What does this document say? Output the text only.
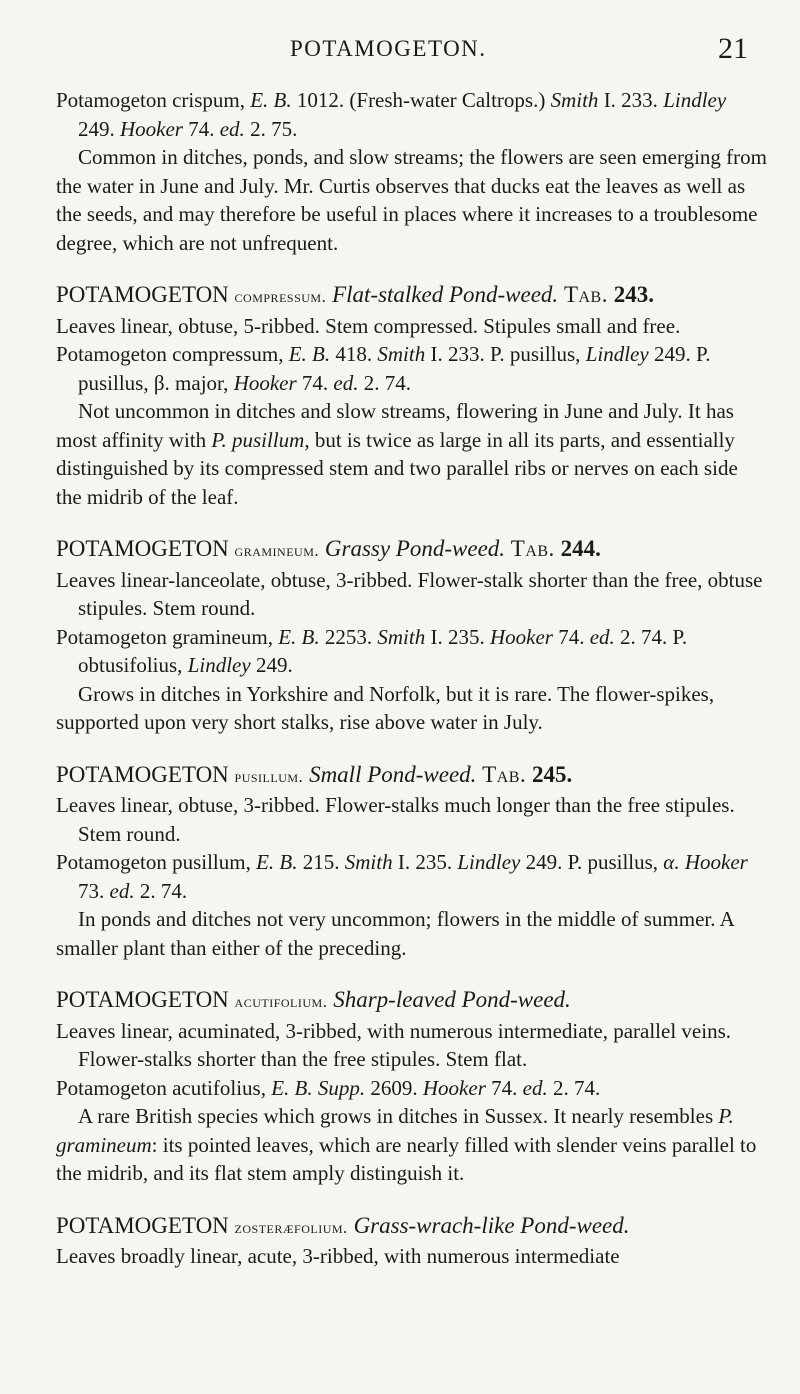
POTAMOGETON.	21

Potamogeton crispum, E. B. 1012. (Fresh-water Caltrops.) Smith I. 233. Lindley 249. Hooker 74. ed. 2. 75.

Common in ditches, ponds, and slow streams; the flowers are seen emerging from the water in June and July. Mr. Curtis observes that ducks eat the leaves as well as the seeds, and may therefore be useful in places where it increases to a troublesome degree, which are not unfrequent.

POTAMOGETON compressum. Flat-stalked Pond-weed. Tab. 243.

Leaves linear, obtuse, 5-ribbed. Stem compressed. Stipules small and free.

Potamogeton compressum, E. B. 418. Smith I. 233. P. pusillus, Lindley 249. P. pusillus, β. major, Hooker 74. ed. 2. 74.

Not uncommon in ditches and slow streams, flowering in June and July. It has most affinity with P. pusillum, but is twice as large in all its parts, and essentially distinguished by its compressed stem and two parallel ribs or nerves on each side the midrib of the leaf.

POTAMOGETON gramineum. Grassy Pond-weed. Tab. 244.

Leaves linear-lanceolate, obtuse, 3-ribbed. Flower-stalk shorter than the free, obtuse stipules. Stem round.

Potamogeton gramineum, E. B. 2253. Smith I. 235. Hooker 74. ed. 2. 74. P. obtusifolius, Lindley 249.

Grows in ditches in Yorkshire and Norfolk, but it is rare. The flower-spikes, supported upon very short stalks, rise above water in July.

POTAMOGETON pusillum. Small Pond-weed. Tab. 245.

Leaves linear, obtuse, 3-ribbed. Flower-stalks much longer than the free stipules. Stem round.

Potamogeton pusillum, E. B. 215. Smith I. 235. Lindley 249. P. pusillus, α. Hooker 73. ed. 2. 74.

In ponds and ditches not very uncommon; flowers in the middle of summer. A smaller plant than either of the preceding.

POTAMOGETON acutifolium. Sharp-leaved Pond-weed.

Leaves linear, acuminated, 3-ribbed, with numerous intermediate, parallel veins. Flower-stalks shorter than the free stipules. Stem flat.

Potamogeton acutifolius, E. B. Supp. 2609. Hooker 74. ed. 2. 74.

A rare British species which grows in ditches in Sussex. It nearly resembles P. gramineum: its pointed leaves, which are nearly filled with slender veins parallel to the midrib, and its flat stem amply distinguish it.

POTAMOGETON zosteræfolium. Grass-wrach-like Pond-weed.

Leaves broadly linear, acute, 3-ribbed, with numerous intermediate
